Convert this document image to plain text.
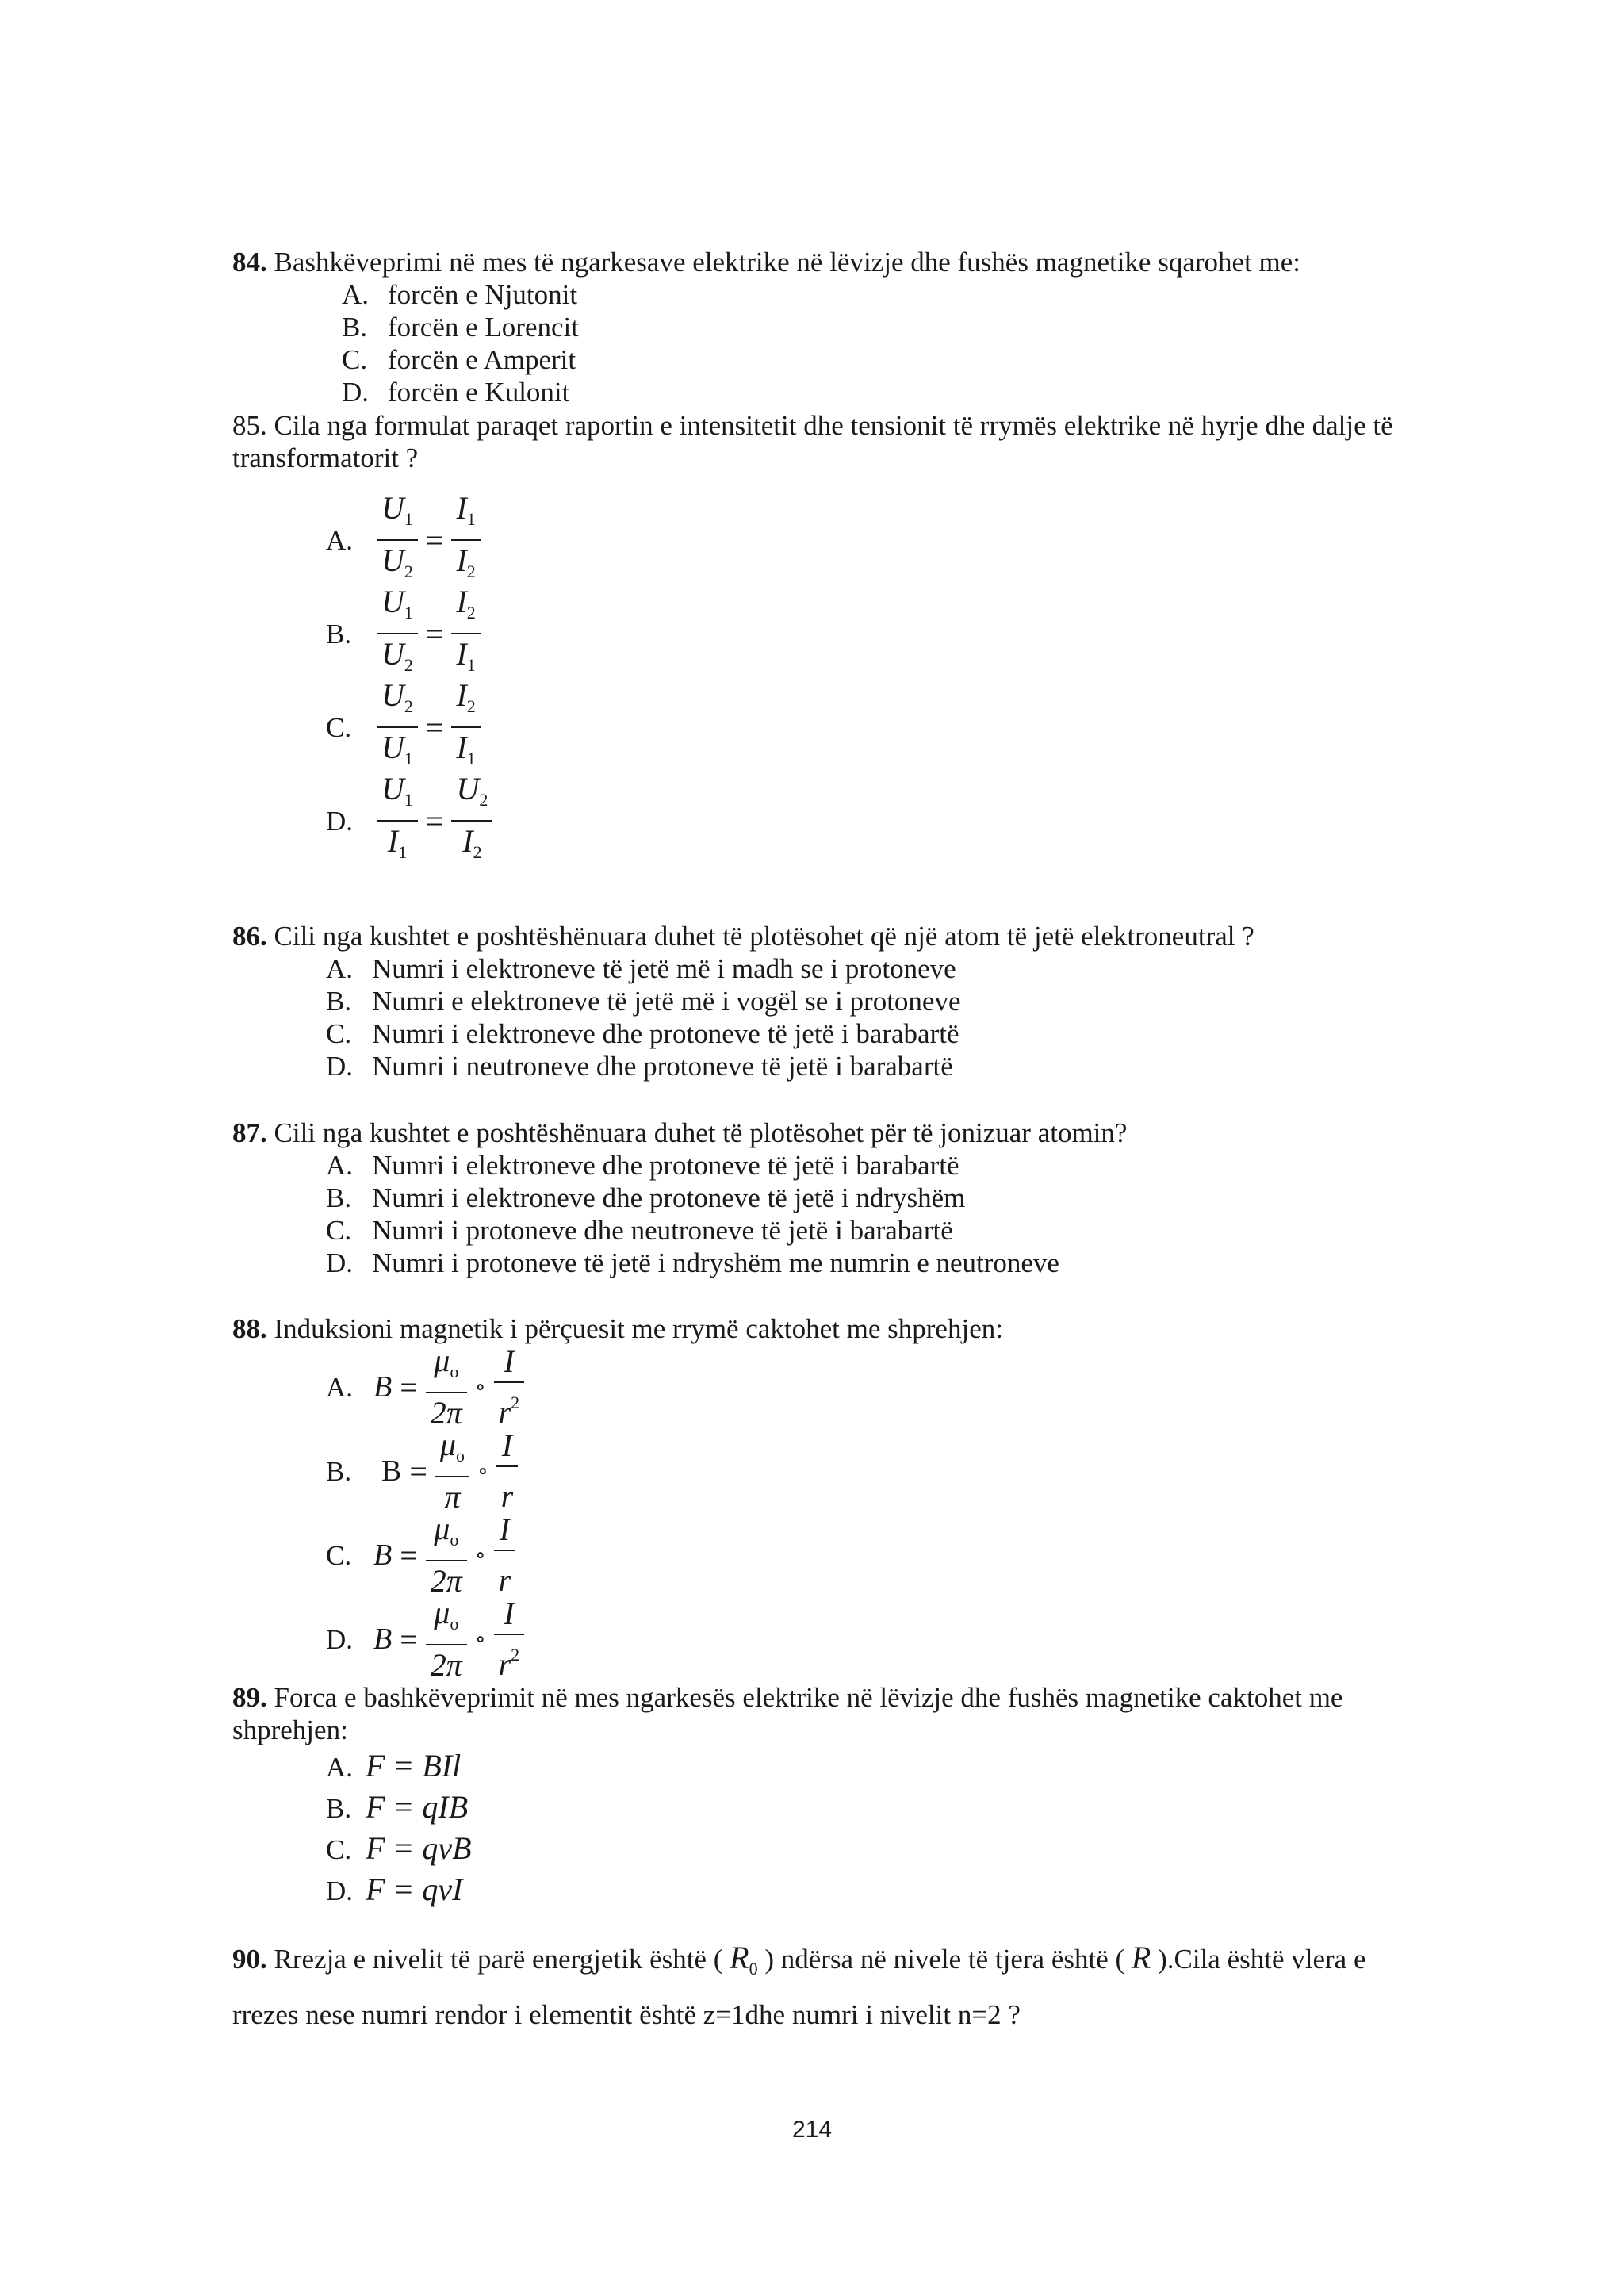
84. Bashkëveprimi në mes të ngarkesave elektrike në lëvizje dhe fushës magnetike sqarohet me:
A. forcën e Njutonit
B. forcën e Lorencit
C. forcën e Amperit
D. forcën e Kulonit
85. Cila nga formulat paraqet raportin e intensitetit dhe tensionit të rrymës elektrike në hyrje dhe dalje të transformatorit ?
A. $\frac{U_1}{U_2} = \frac{I_1}{I_2}$
B. $\frac{U_1}{U_2} = \frac{I_2}{I_1}$
C. $\frac{U_2}{U_1} = \frac{I_2}{I_1}$
D. $\frac{U_1}{I_1} = \frac{U_2}{I_2}$
86. Cili nga kushtet e poshtëshënuara duhet të plotësohet që një atom të jetë elektroneutral ?
A. Numri i elektroneve të jetë më i madh se i protoneve
B. Numri e elektroneve të jetë më i vogël se i protoneve
C. Numri i elektroneve dhe protoneve të jetë i barabartë
D. Numri i neutroneve dhe protoneve të jetë i barabartë
87. Cili nga kushtet e poshtëshënuara duhet të plotësohet për të jonizuar atomin?
A. Numri i elektroneve dhe protoneve të jetë i barabartë
B. Numri i elektroneve dhe protoneve të jetë i ndryshëm
C. Numri i protoneve dhe neutroneve të jetë i barabartë
D. Numri i protoneve të jetë i ndryshëm me numrin e neutroneve
88. Induksioni magnetik i përçuesit me rrymë caktohet me shprehjen:
A. $B = \frac{\mu_o}{2\pi}$ ∘ $\frac{I}{r^2}$
B. $B = \frac{\mu_o}{\pi}$ ∘ $\frac{I}{r}$
C. $B = \frac{\mu_o}{2\pi}$ ∘ $\frac{I}{r}$
D. $B = \frac{\mu_o}{2\pi}$ ∘ $\frac{I}{r^2}$
89. Forca e bashkëveprimit në mes ngarkesës elektrike në lëvizje dhe fushës magnetike caktohet me shprehjen:
A. F = BIl
B. F = qIB
C. F = qvB
D. F = qvI
90. Rrezja e nivelit të parë energjetik është ( $R_0$ ) ndërsa në nivele të tjera është ( R ).Cila është vlera e rrezes nese numri rendor i elementit është z=1dhe numri i nivelit n=2 ?
214
